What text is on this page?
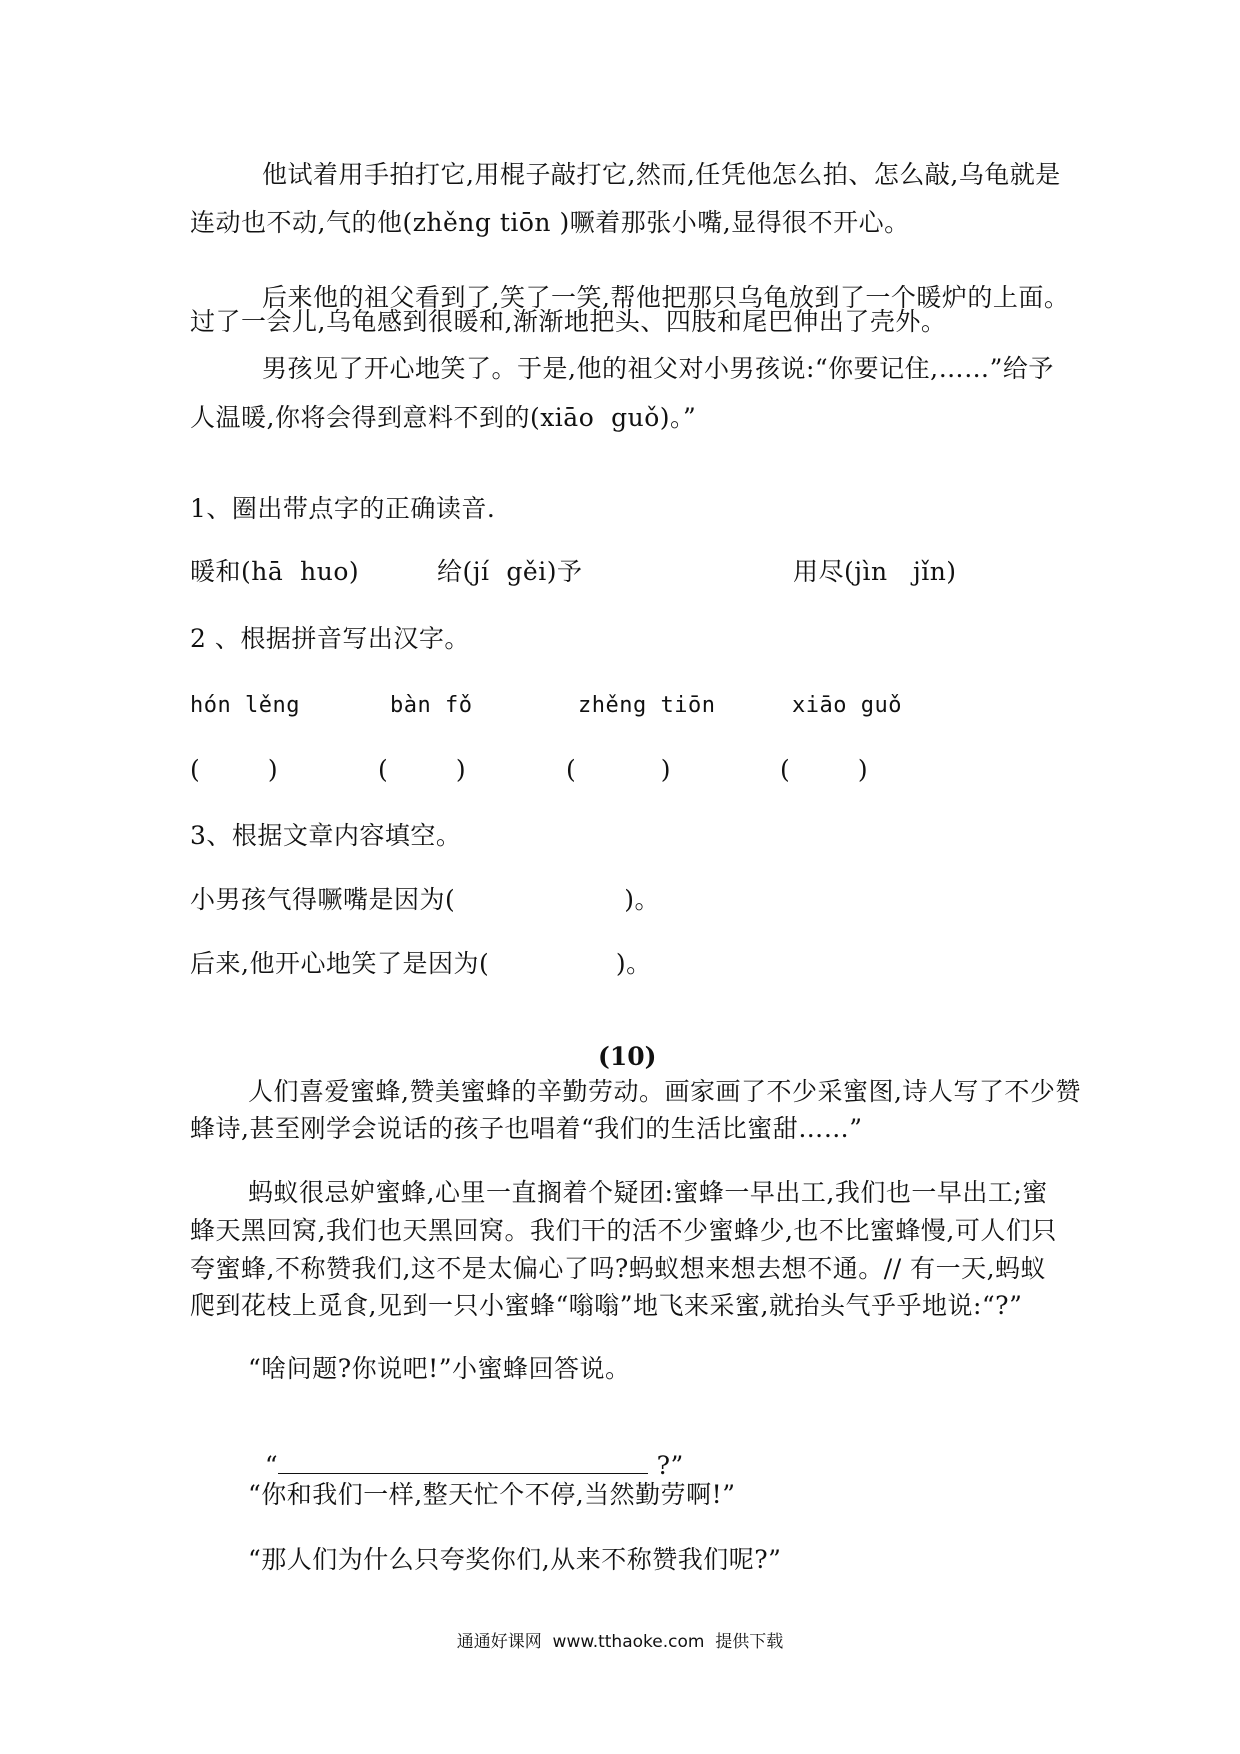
他试着用手拍打它,用棍子敲打它,然而,任凭他怎么拍、怎么敲,乌龟就是
连动也不动,气的他(zhěng tiōn )噘着那张小嘴,显得很不开心。
后来他的祖父看到了,笑了一笑,帮他把那只乌龟放到了一个暖炉的上面。
过了一会儿,乌龟感到很暖和,渐渐地把头、四肢和尾巴伸出了壳外。
男孩见了开心地笑了。于是,他的祖父对小男孩说:“你要记住,……”给予
人温暖,你将会得到意料不到的(xiāo  guǒ)。”
1、圈出带点字的正确读音.
暖和(hā  huo)	给(jí  gěi)予	用尽(jìn   jǐn)
2 、根据拼音写出汉字。
hón lěng	bàn fǒ	zhěng tiōn	xiāo guǒ
(        )	(        )	(          )	(        )
3、根据文章内容填空。
小男孩气得噘嘴是因为(                    )。
后来,他开心地笑了是因为(               )。
(10)
人们喜爱蜜蜂,赞美蜜蜂的辛勤劳动。画家画了不少采蜜图,诗人写了不少赞
蜂诗,甚至刚学会说话的孩子也唱着“我们的生活比蜜甜……”
蚂蚁很忌妒蜜蜂,心里一直搁着个疑团:蜜蜂一早出工,我们也一早出工;蜜
蜂天黑回窝,我们也天黑回窝。我们干的活不少蜜蜂少,也不比蜜蜂慢,可人们只
夸蜜蜂,不称赞我们,这不是太偏心了吗?蚂蚁想来想去想不通。// 有一天,蚂蚁
爬到花枝上觅食,见到一只小蜜蜂“嗡嗡”地飞来采蜜,就抬头气乎乎地说:“?”
“啥问题?你说吧!”小蜜蜂回答说。

“	?”

“你和我们一样,整天忙个不停,当然勤劳啊!”
“那人们为什么只夸奖你们,从来不称赞我们呢?”
通通好课网  www.tthaoke.com  提供下载
